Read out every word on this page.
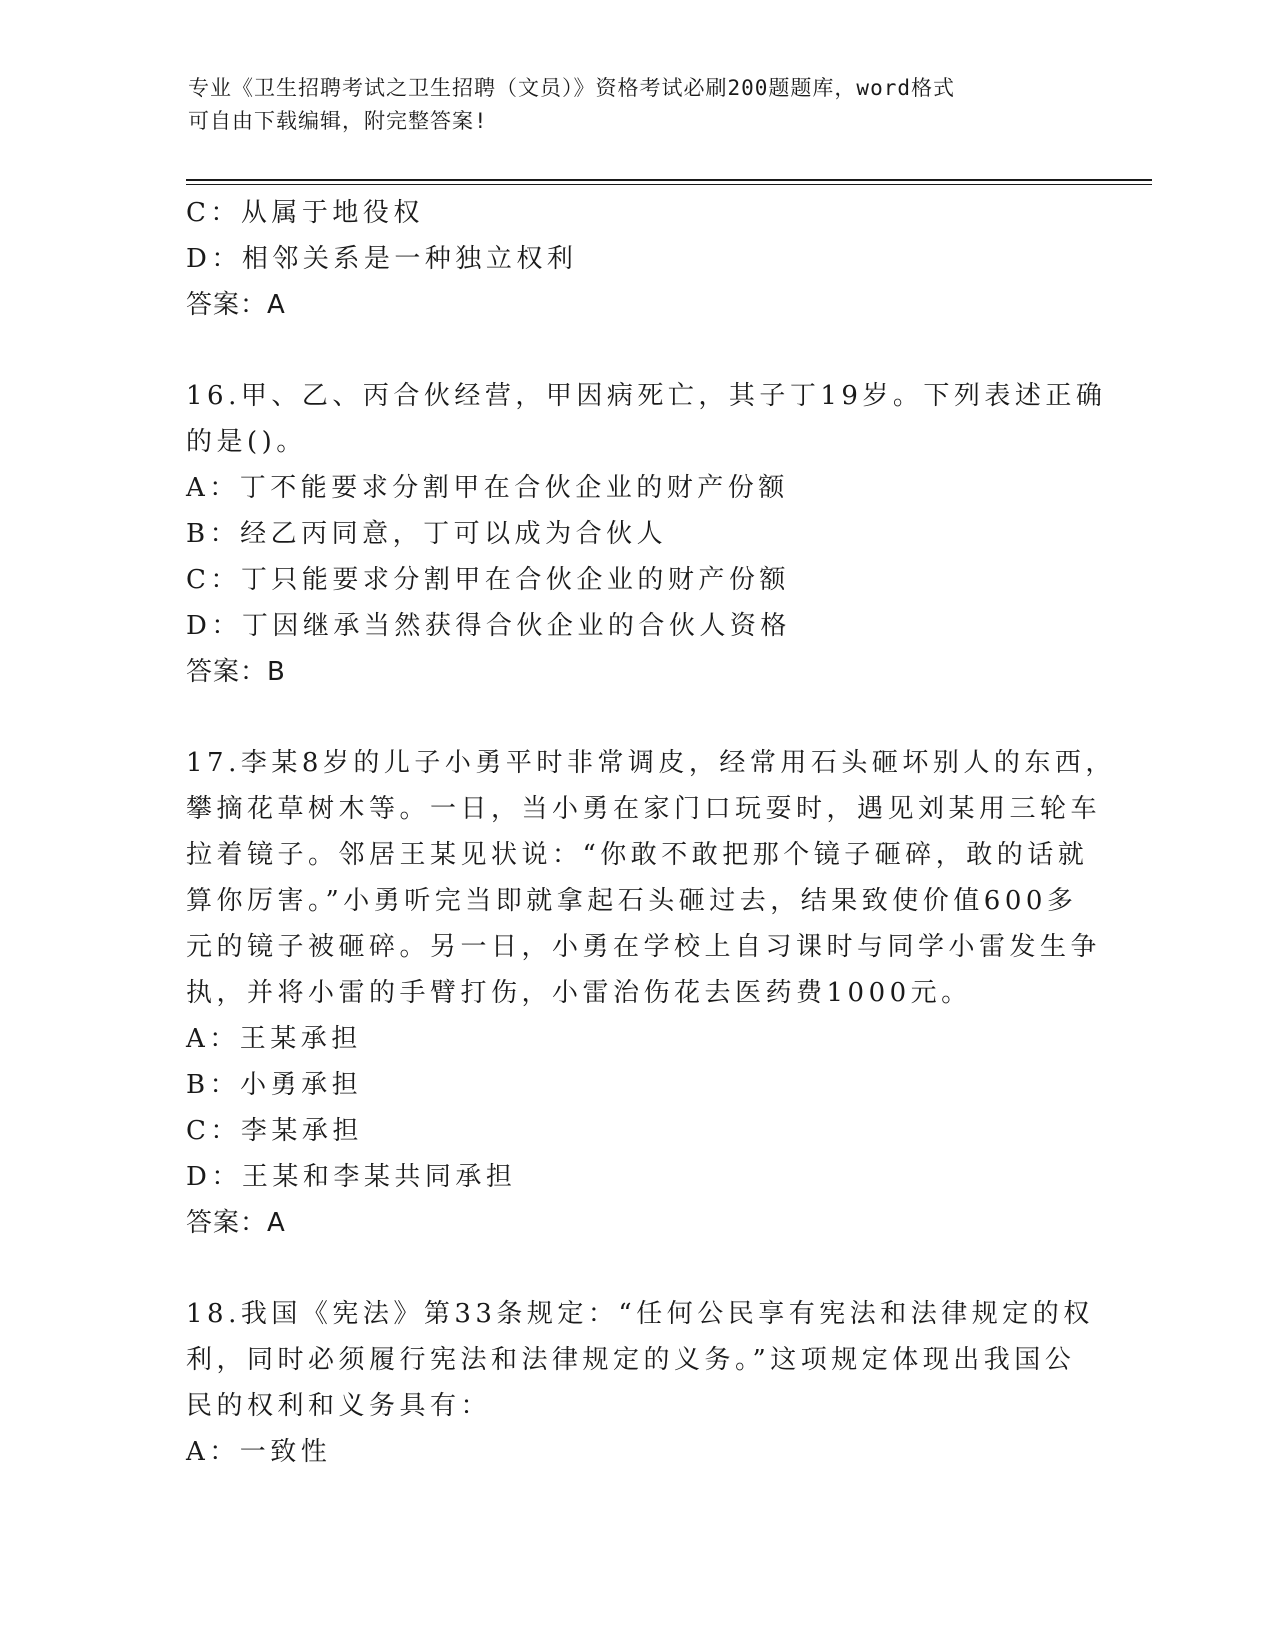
专业《卫生招聘考试之卫生招聘（文员）》资格考试必刷200题题库，word格式
可自由下载编辑，附完整答案!
C：从属于地役权
D：相邻关系是一种独立权利
答案：A
16.甲、乙、丙合伙经营，甲因病死亡，其子丁19岁。下列表述正确
的是()。
A：丁不能要求分割甲在合伙企业的财产份额
B：经乙丙同意，丁可以成为合伙人
C：丁只能要求分割甲在合伙企业的财产份额
D：丁因继承当然获得合伙企业的合伙人资格
答案：B
17.李某8岁的儿子小勇平时非常调皮，经常用石头砸坏别人的东西，
攀摘花草树木等。一日，当小勇在家门口玩耍时，遇见刘某用三轮车
拉着镜子。邻居王某见状说：“你敢不敢把那个镜子砸碎，敢的话就
算你厉害。”小勇听完当即就拿起石头砸过去，结果致使价值600多
元的镜子被砸碎。另一日，小勇在学校上自习课时与同学小雷发生争
执，并将小雷的手臂打伤，小雷治伤花去医药费1000元。
A：王某承担
B：小勇承担
C：李某承担
D：王某和李某共同承担
答案：A
18.我国《宪法》第33条规定：“任何公民享有宪法和法律规定的权
利，同时必须履行宪法和法律规定的义务。”这项规定体现出我国公
民的权利和义务具有：
A：一致性
